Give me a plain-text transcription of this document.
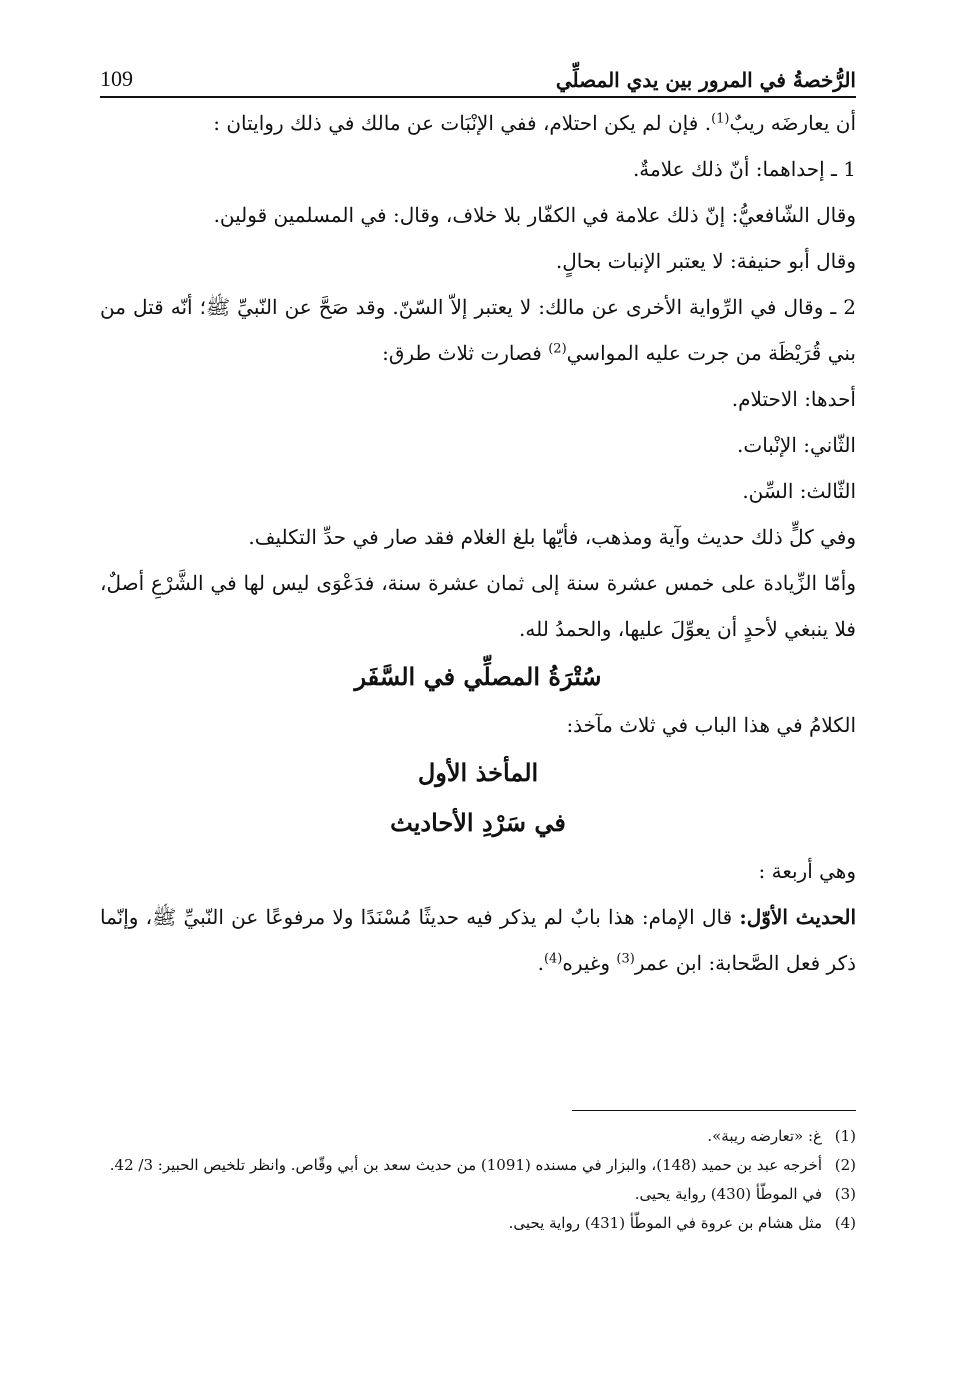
109	الرُّخصةُ في المرور بين يدي المصلِّي

أن يعارضَه ريبٌ$^{(1)}$. فإن لم يكن احتلام، ففي الإنْبَات عن مالك في ذلك روايتان :

1 ـ إحداهما: أنّ ذلك علامةٌ.

وقال الشّافعيُّ: إنّ ذلك علامة في الكفّار بلا خلاف، وقال: في المسلمين قولين.

وقال أبو حنيفة: لا يعتبر الإنبات بحالٍ.

2 ـ وقال في الرِّواية الأخرى عن مالك: لا يعتبر إلاّ السّنّ. وقد صَحَّ عن النّبيِّ ﷺ؛ أنّه قتل من بني قُرَيْظَة من جرت عليه المواسي$^{(2)}$ فصارت ثلاث طرق:

أحدها: الاحتلام.

الثّاني: الإنْبات.

الثّالث: السِّن.

وفي كلٍّ ذلك حديث وآية ومذهب، فأيّها بلغ الغلام فقد صار في حدِّ التكليف.

وأمّا الزِّيادة على خمس عشرة سنة إلى ثمان عشرة سنة، فدَعْوَى ليس لها في الشَّرْعِ أصلٌ، فلا ينبغي لأحدٍ أن يعوِّلَ عليها، والحمدُ لله.

سُتْرَةُ المصلِّي في السَّفَر

الكلامُ في هذا الباب في ثلاث مآخذ:

المأخذ الأول

في سَرْدِ الأحاديث

وهي أربعة :

الحديث الأوّل: قال الإمام: هذا بابٌ لم يذكر فيه حديثًا مُسْنَدًا ولا مرفوعًا عن النّبيِّ ﷺ، وإنّما ذكر فعل الصَّحابة: ابن عمر$^{(3)}$ وغيره$^{(4)}$.

(1)
غ: «تعارضه ريبة».
(2)
أخرجه عبد بن حميد (148)، والبزار في مسنده (1091) من حديث سعد بن أبي وقّاص. وانظر تلخيص الحبير: 3/ 42.
(3)
في الموطّأ (430) رواية يحيى.
(4)
مثل هشام بن عروة في الموطّأ (431) رواية يحيى.
